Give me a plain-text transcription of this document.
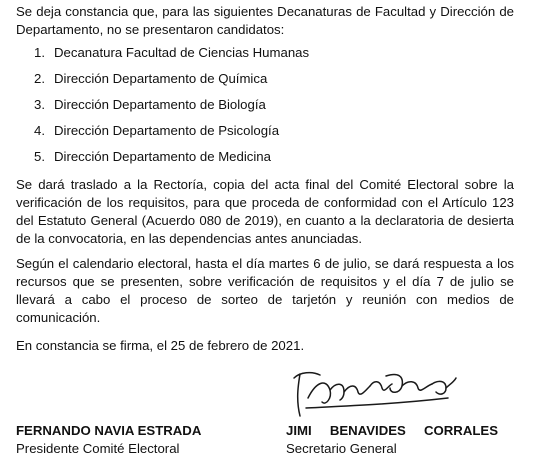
Se deja constancia que, para las siguientes Decanaturas de Facultad y Dirección de Departamento, no se presentaron candidatos:

1. Decanatura Facultad de Ciencias Humanas
2. Dirección Departamento de Química
3. Dirección Departamento de Biología
4. Dirección Departamento de Psicología
5. Dirección Departamento de Medicina

Se dará traslado a la Rectoría, copia del acta final del Comité Electoral sobre la verificación de los requisitos, para que proceda de conformidad con el Artículo 123 del Estatuto General (Acuerdo 080 de 2019), en cuanto a la declaratoria de desierta de la convocatoria, en las dependencias antes anunciadas.

Según el calendario electoral, hasta el día martes 6 de julio, se dará respuesta a los recursos que se presenten, sobre verificación de requisitos y el día 7 de julio se llevará a cabo el proceso de sorteo de tarjetón y reunión con medios de comunicación.

En constancia se firma, el 25 de febrero de 2021.

FERNANDO NAVIA ESTRADA
Presidente Comité Electoral
JIMI BENAVIDES CORRALES
Secretario General
